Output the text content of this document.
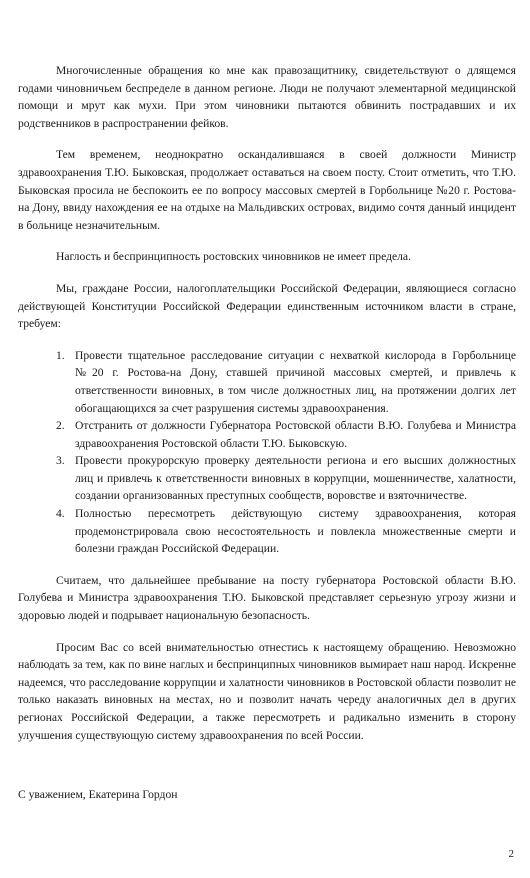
Многочисленные обращения ко мне как правозащитнику, свидетельствуют о длящемся годами чиновничьем беспределе в данном регионе. Люди не получают элементарной медицинской помощи и мрут как мухи. При этом чиновники пытаются обвинить пострадавших и их родственников в распространении фейков.

Тем временем, неоднократно оскандалившаяся в своей должности Министр здравоохранения Т.Ю. Быковская, продолжает оставаться на своем посту. Стоит отметить, что Т.Ю. Быковская просила не беспокоить ее по вопросу массовых смертей в Горбольнице №20 г. Ростова-на Дону, ввиду нахождения ее на отдыхе на Мальдивских островах, видимо сочтя данный инцидент в больнице незначительным.

Наглость и беспринципность ростовских чиновников не имеет предела.

Мы, граждане России, налогоплательщики Российской Федерации, являющиеся согласно действующей Конституции Российской Федерации единственным источником власти в стране, требуем:

1. Провести тщательное расследование ситуации с нехваткой кислорода в Горбольнице №20 г. Ростова-на Дону, ставшей причиной массовых смертей, и привлечь к ответственности виновных, в том числе должностных лиц, на протяжении долгих лет обогащающихся за счет разрушения системы здравоохранения.
2. Отстранить от должности Губернатора Ростовской области В.Ю. Голубева и Министра здравоохранения Ростовской области Т.Ю. Быковскую.
3. Провести прокурорскую проверку деятельности региона и его высших должностных лиц и привлечь к ответственности виновных в коррупции, мошенничестве, халатности, создании организованных преступных сообществ, воровстве и взяточничестве.
4. Полностью пересмотреть действующую систему здравоохранения, которая продемонстрировала свою несостоятельность и повлекла множественные смерти и болезни граждан Российской Федерации.

Считаем, что дальнейшее пребывание на посту губернатора Ростовской области В.Ю. Голубева и Министра здравоохранения Т.Ю. Быковской представляет серьезную угрозу жизни и здоровью людей и подрывает национальную безопасность.

Просим Вас со всей внимательностью отнестись к настоящему обращению. Невозможно наблюдать за тем, как по вине наглых и беспринципных чиновников вымирает наш народ. Искренне надеемся, что расследование коррупции и халатности чиновников в Ростовской области позволит не только наказать виновных на местах, но и позволит начать череду аналогичных дел в других регионах Российской Федерации, а также пересмотреть и радикально изменить в сторону улучшения существующую систему здравоохранения по всей России.

С уважением, Екатерина Гордон

2
